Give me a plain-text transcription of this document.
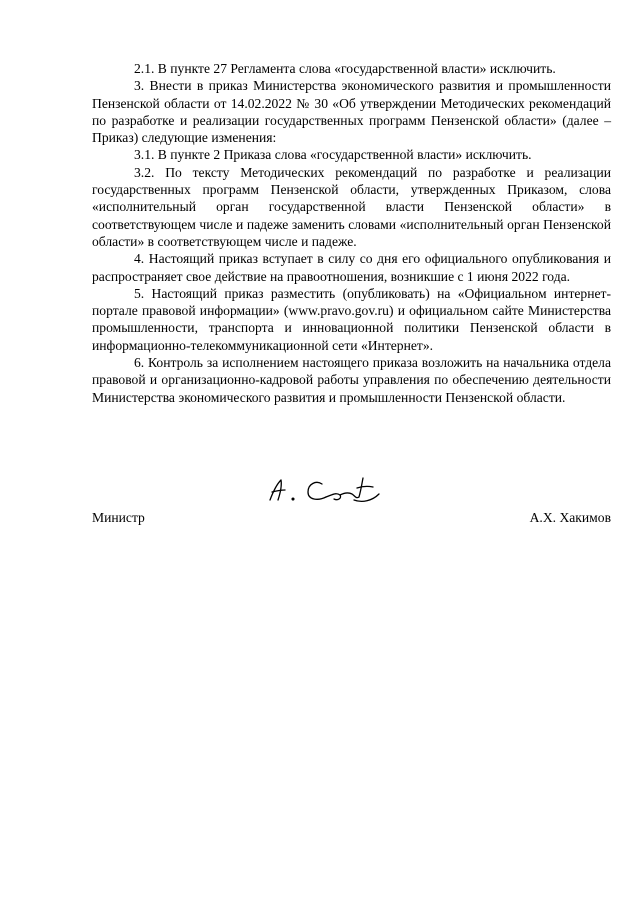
2.1. В пункте 27 Регламента слова «государственной власти» исключить.

3. Внести в приказ Министерства экономического развития и промышленности Пензенской области от 14.02.2022 № 30 «Об утверждении Методических рекомендаций по разработке и реализации государственных программ Пензенской области» (далее – Приказ) следующие изменения:

3.1. В пункте 2 Приказа слова «государственной власти» исключить.

3.2. По тексту Методических рекомендаций по разработке и реализации государственных программ Пензенской области, утвержденных Приказом, слова «исполнительный орган государственной власти Пензенской области» в соответствующем числе и падеже заменить словами «исполнительный орган Пензенской области» в соответствующем числе и падеже.

4. Настоящий приказ вступает в силу со дня его официального опубликования и распространяет свое действие на правоотношения, возникшие с 1 июня 2022 года.

5. Настоящий приказ разместить (опубликовать) на «Официальном интернет-портале правовой информации» (www.pravo.gov.ru) и официальном сайте Министерства промышленности, транспорта и инновационной политики Пензенской области в информационно-телекоммуникационной сети «Интернет».

6. Контроль за исполнением настоящего приказа возложить на начальника отдела правовой и организационно-кадровой работы управления по обеспечению деятельности Министерства экономического развития и промышленности Пензенской области.

Министр	А.Х. Хакимов
